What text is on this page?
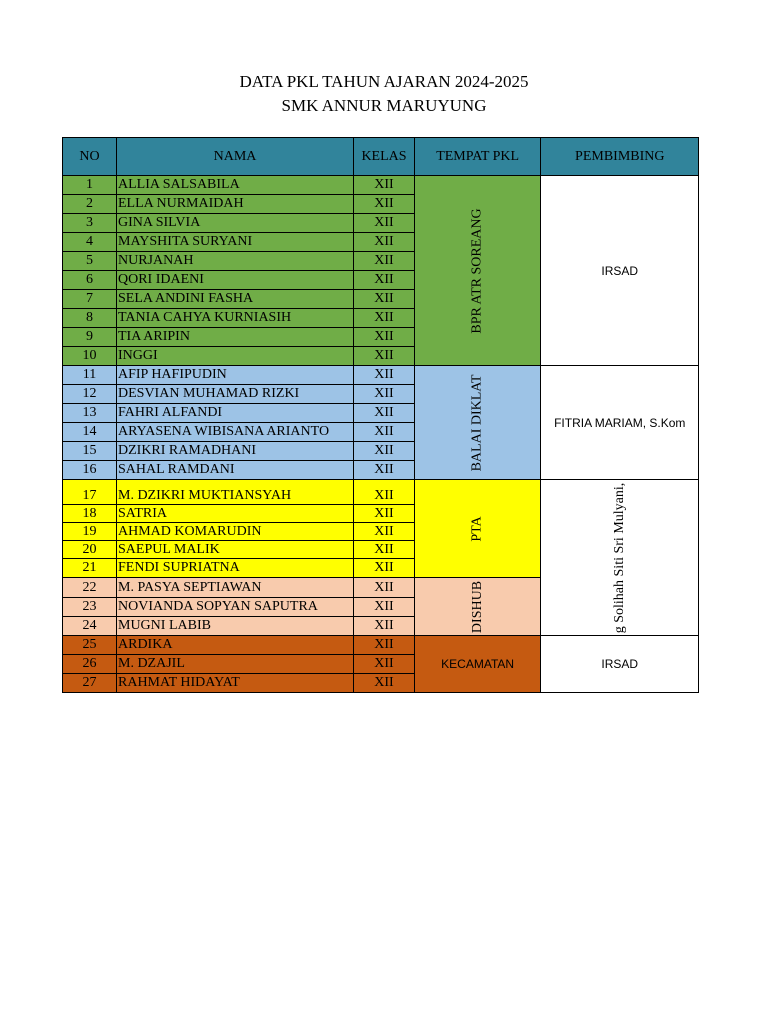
DATA PKL TAHUN AJARAN 2024-2025
SMK ANNUR MARUYUNG
NO	NAMA	KELAS	TEMPAT PKL	PEMBIMBING
1	ALLIA SALSABILA	XII	BPR ATR SOREANG	IRSAD
2	ELLA NURMAIDAH	XII		
3	GINA SILVIA	XII		
4	MAYSHITA SURYANI	XII		
5	NURJANAH	XII		
6	QORI IDAENI	XII		
7	SELA ANDINI FASHA	XII		
8	TANIA CAHYA KURNIASIH	XII		
9	TIA ARIPIN	XII		
10	INGGI	XII		
11	AFIP HAFIPUDIN	XII	BALAI DIKLAT	FITRIA MARIAM, S.Kom
12	DESVIAN MUHAMAD RIZKI	XII		
13	FAHRI ALFANDI	XII		
14	ARYASENA WIBISANA ARIANTO	XII		
15	DZIKRI RAMADHANI	XII		
16	SAHAL RAMDANI	XII		
17	M. DZIKRI MUKTIANSYAH	XII	PTA	g Solihah Siti Sri Mulyani,

18	SATRIA	XII		
19	AHMAD KOMARUDIN	XII		
20	SAEPUL MALIK	XII		
21	FENDI SUPRIATNA	XII		
22	M. PASYA SEPTIAWAN	XII	DISHUB	
23	NOVIANDA SOPYAN SAPUTRA	XII		
24	MUGNI LABIB	XII		
25	ARDIKA	XII	KECAMATAN	IRSAD
26	M. DZAJIL	XII		
27	RAHMAT HIDAYAT	XII		
